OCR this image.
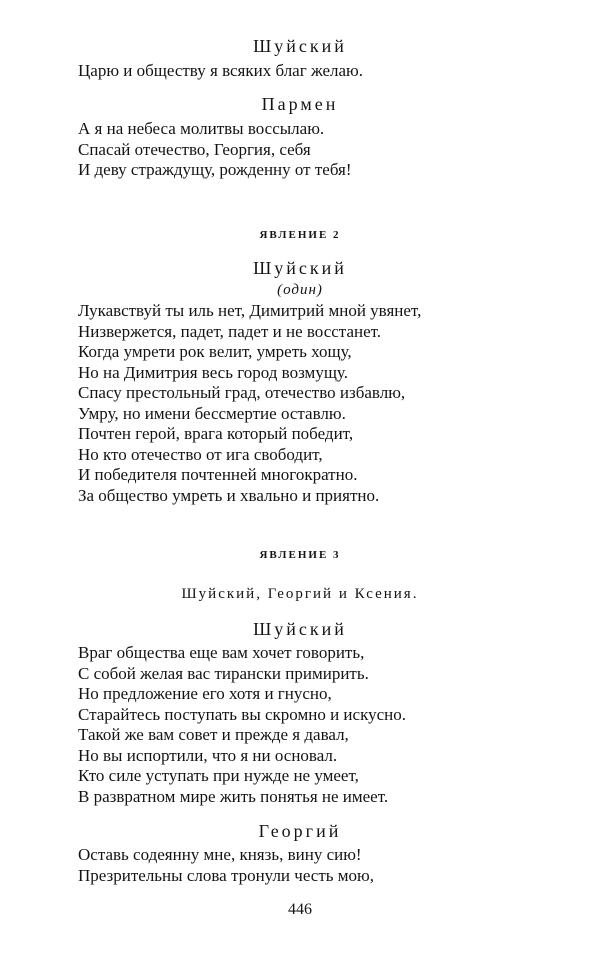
Шуйский
Царю и обществу я всяких благ желаю.
Пармен
А я на небеса молитвы воссылаю.
Спасай отечество, Георгия, себя
И деву страждущу, рожденну от тебя!
ЯВЛЕНИЕ 2
Шуйский
(один)
Лукавствуй ты иль нет, Димитрий мной увянет,
Низвержется, падет, падет и не восстанет.
Когда умрети рок велит, умреть хощу,
Но на Димитрия весь город возмущу.
Спасу престольный град, отечество избавлю,
Умру, но имени бессмертие оставлю.
Почтен герой, врага который победит,
Но кто отечество от ига свободит,
И победителя почтенней многократно.
За общество умреть и хвально и приятно.
ЯВЛЕНИЕ 3
Шуйский, Георгий и Ксения.
Шуйский
Враг общества еще вам хочет говорить,
С собой желая вас тирански примирить.
Но предложение его хотя и гнусно,
Старайтесь поступать вы скромно и искусно.
Такой же вам совет и прежде я давал,
Но вы испортили, что я ни основал.
Кто силе уступать при нужде не умеет,
В развратном мире жить понятья не имеет.
Георгий
Оставь содеянну мне, князь, вину сию!
Презрительны слова тронули честь мою,
446
